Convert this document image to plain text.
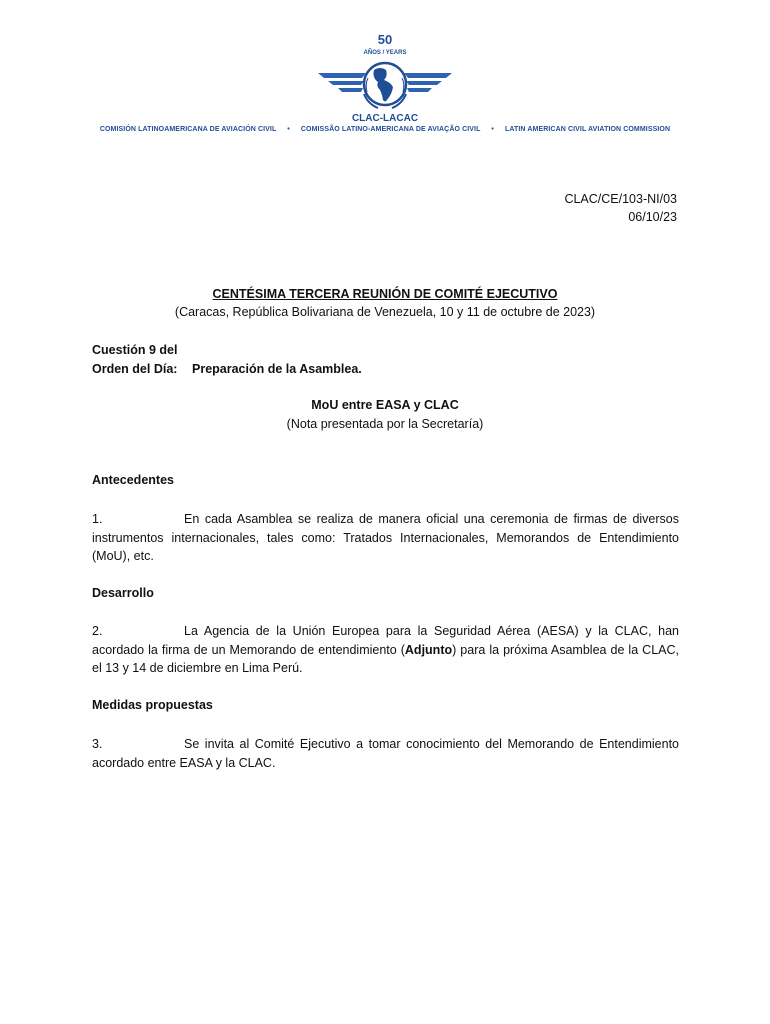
50
AÑOS / YEARS
CLAC-LACAC
COMISIÓN LATINOAMERICANA DE AVIACIÓN CIVIL • COMISSÃO LATINO-AMERICANA DE AVIAÇÃO CIVIL • LATIN AMERICAN CIVIL AVIATION COMMISSION
CLAC/CE/103-NI/03
06/10/23
CENTÉSIMA TERCERA REUNIÓN DE COMITÉ EJECUTIVO
(Caracas, República Bolivariana de Venezuela, 10 y 11 de octubre de 2023)
Cuestión 9 del
Orden del Día:	Preparación de la Asamblea.
MoU entre EASA y CLAC
(Nota presentada por la Secretaría)
Antecedentes
1.	En cada Asamblea se realiza de manera oficial una ceremonia de firmas de diversos instrumentos internacionales, tales como: Tratados Internacionales, Memorandos de Entendimiento (MoU), etc.
Desarrollo
2.	La Agencia de la Unión Europea para la Seguridad Aérea (AESA) y la CLAC, han acordado la firma de un Memorando de entendimiento (Adjunto) para la próxima Asamblea de la CLAC, el 13 y 14 de diciembre en Lima Perú.
Medidas propuestas
3.	Se invita al Comité Ejecutivo a tomar conocimiento del Memorando de Entendimiento acordado entre EASA y la CLAC.
